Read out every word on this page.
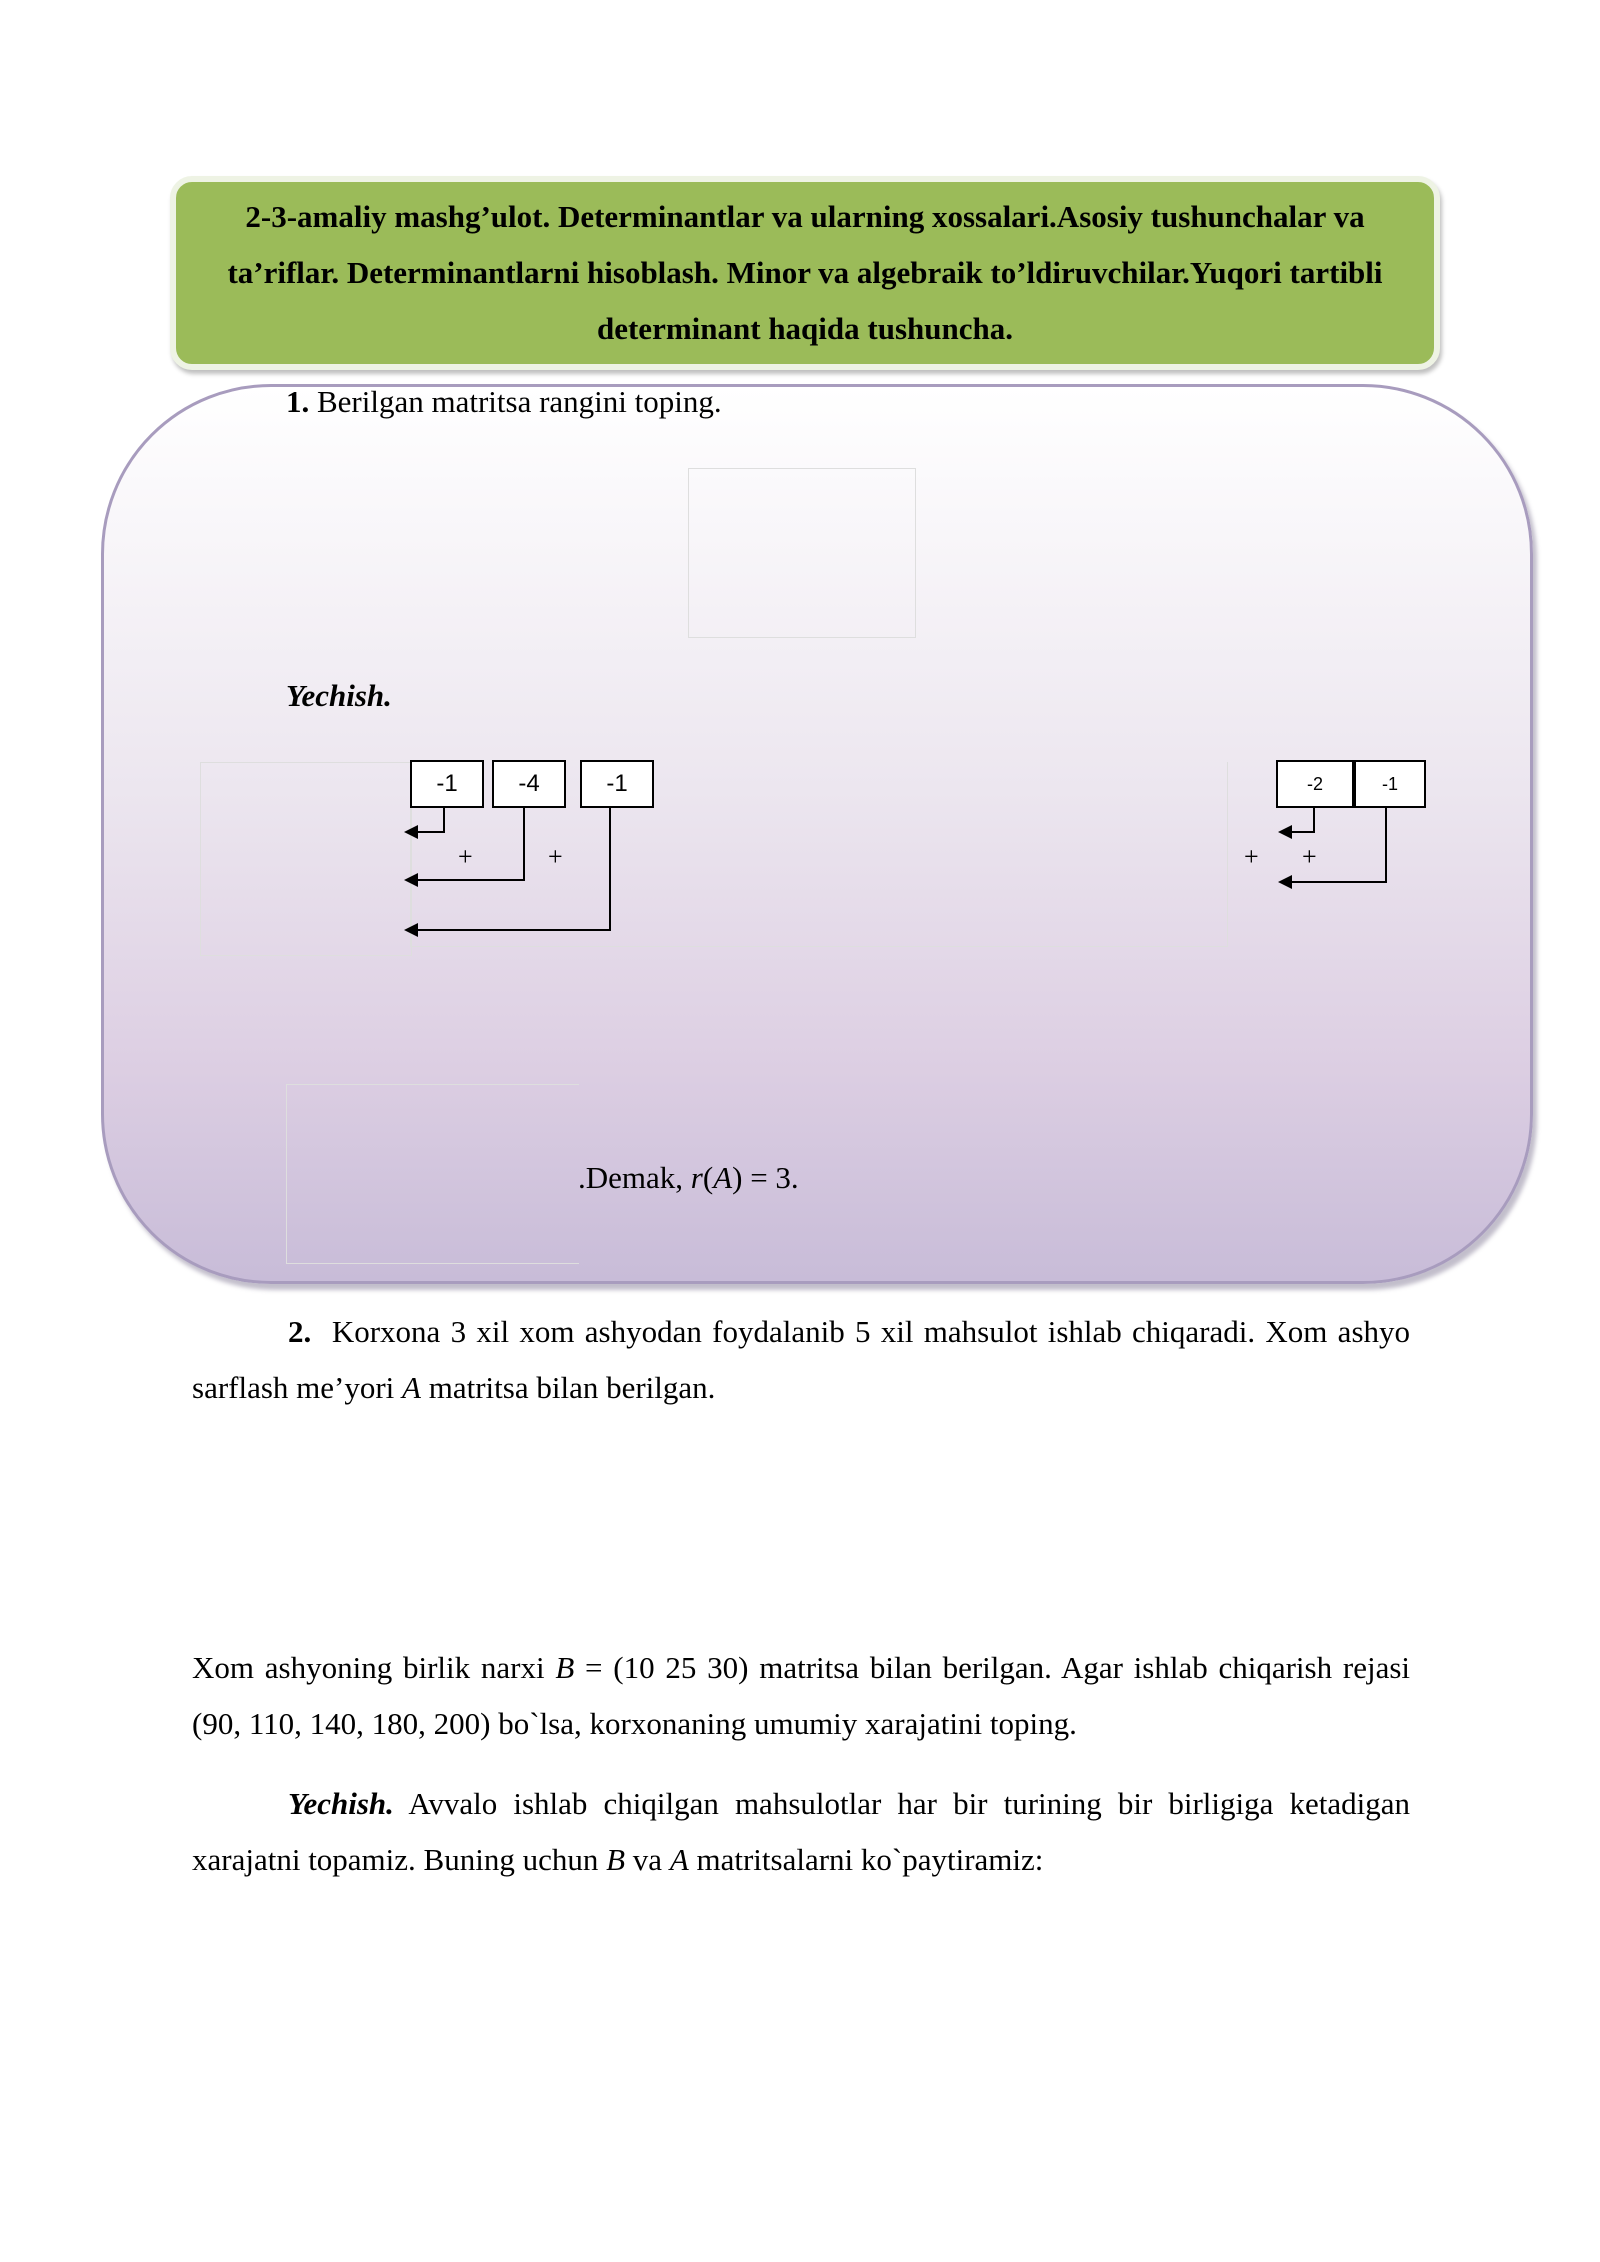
2-3-amaliy mashg’ulot. Determinantlar va ularning xossalari.Asosiy tushunchalar va ta’riflar. Determinantlarni hisoblash. Minor va algebraik to’ldiruvchilar.Yuqori tartibli determinant haqida tushuncha.
1. Berilgan matritsa rangini toping.
Yechish.
-1	-4	-1	-2	-1
+	+	+ +
.Demak, r(A) = 3.
2. Korxona 3 xil xom ashyodan foydalanib 5 xil mahsulot ishlab chiqaradi. Xom ashyo sarflash me’yori A matritsa bilan berilgan.
Xom ashyoning birlik narxi B = (10 25 30) matritsa bilan berilgan. Agar ishlab chiqarish rejasi (90, 110, 140, 180, 200) bo`lsa, korxonaning umumiy xarajatini toping.
Yechish. Avvalo ishlab chiqilgan mahsulotlar har bir turining bir birligiga ketadigan xarajatni topamiz. Buning uchun B va A matritsalarni ko`paytiramiz:
